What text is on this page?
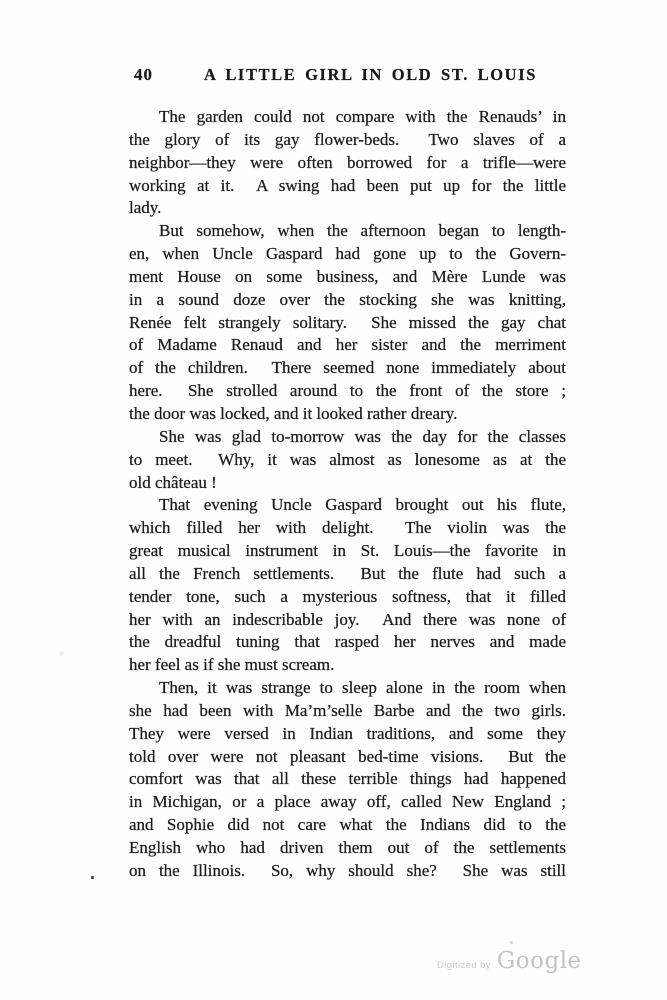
40	A LITTLE GIRL IN OLD ST. LOUIS

The garden could not compare with the Renauds’ in
the glory of its gay flower-beds.  Two slaves of a
neighbor—they were often borrowed for a trifle—were
working at it.  A swing had been put up for the little
lady.

But somehow, when the afternoon began to length-
en, when Uncle Gaspard had gone up to the Govern-
ment House on some business, and Mère Lunde was
in a sound doze over the stocking she was knitting,
Renée felt strangely solitary.  She missed the gay chat
of Madame Renaud and her sister and the merriment
of the children.  There seemed none immediately about
here.  She strolled around to the front of the store ;
the door was locked, and it looked rather dreary.

She was glad to-morrow was the day for the classes
to meet.  Why, it was almost as lonesome as at the
old château !

That evening Uncle Gaspard brought out his flute,
which filled her with delight.  The violin was the
great musical instrument in St. Louis—the favorite in
all the French settlements.  But the flute had such a
tender tone, such a mysterious softness, that it filled
her with an indescribable joy.  And there was none of
the dreadful tuning that rasped her nerves and made
her feel as if she must scream.

Then, it was strange to sleep alone in the room when
she had been with Ma’m’selle Barbe and the two girls.
They were versed in Indian traditions, and some they
told over were not pleasant bed-time visions.  But the
comfort was that all these terrible things had happened
in Michigan, or a place away off, called New England ;
and Sophie did not care what the Indians did to the
English who had driven them out of the settlements
on the Illinois.  So, why should she?  She was still

Digitized by Google
